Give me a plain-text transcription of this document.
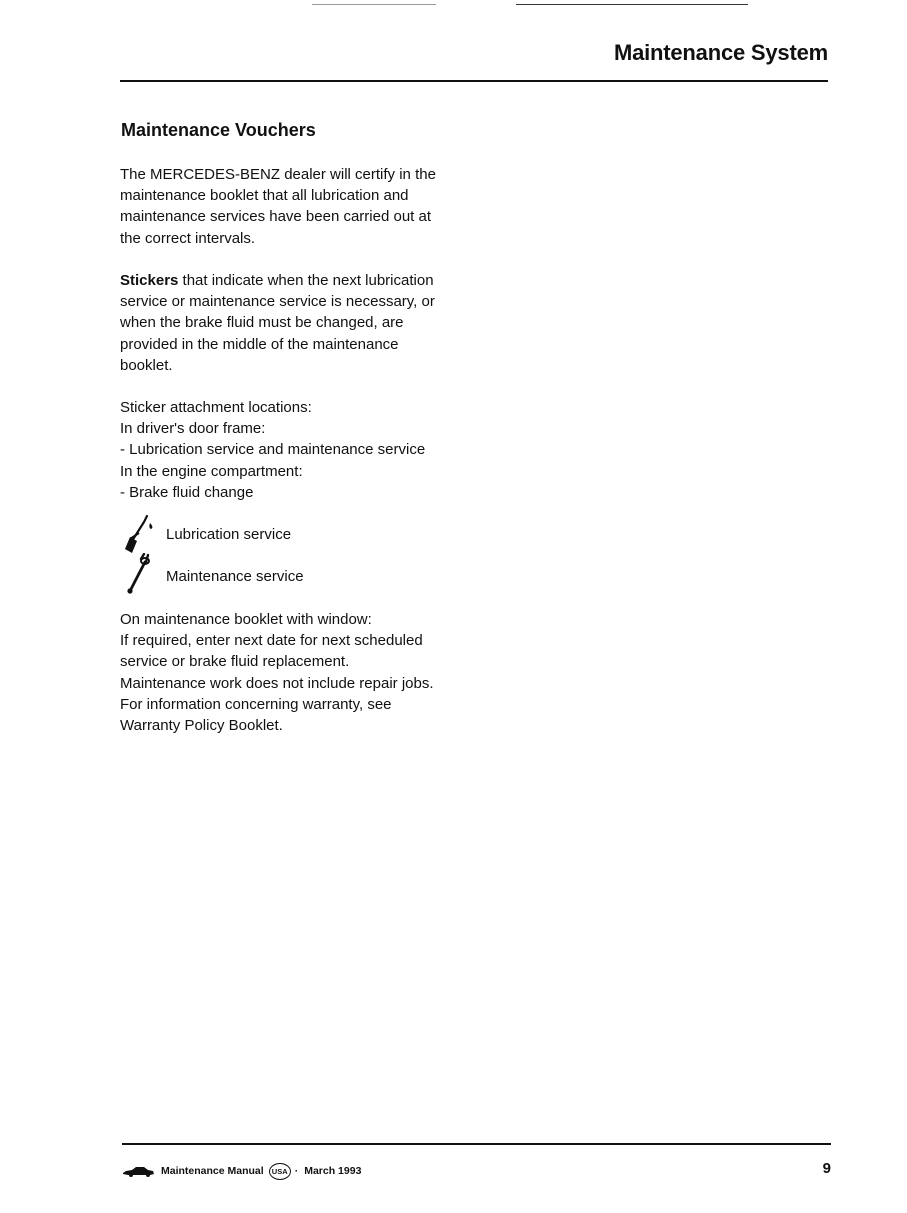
Maintenance System
Maintenance Vouchers

The MERCEDES-BENZ dealer will certify in the

maintenance booklet that all lubrication and

maintenance services have been carried out at

the correct intervals.

Stickers that indicate when the next lubrication

service or maintenance service is necessary, or

when the brake fluid must be changed, are

provided in the middle of the maintenance

booklet.

Sticker attachment locations:

In driver's door frame:

- Lubrication service and maintenance service

In the engine compartment:

- Brake fluid change

Lubrication service
Maintenance service

On maintenance booklet with window:

If required, enter next date for next scheduled

service or brake fluid replacement.

Maintenance work does not include repair jobs.

For information concerning warranty, see

Warranty Policy Booklet.

Maintenance Manual	USA · March 1993	9
